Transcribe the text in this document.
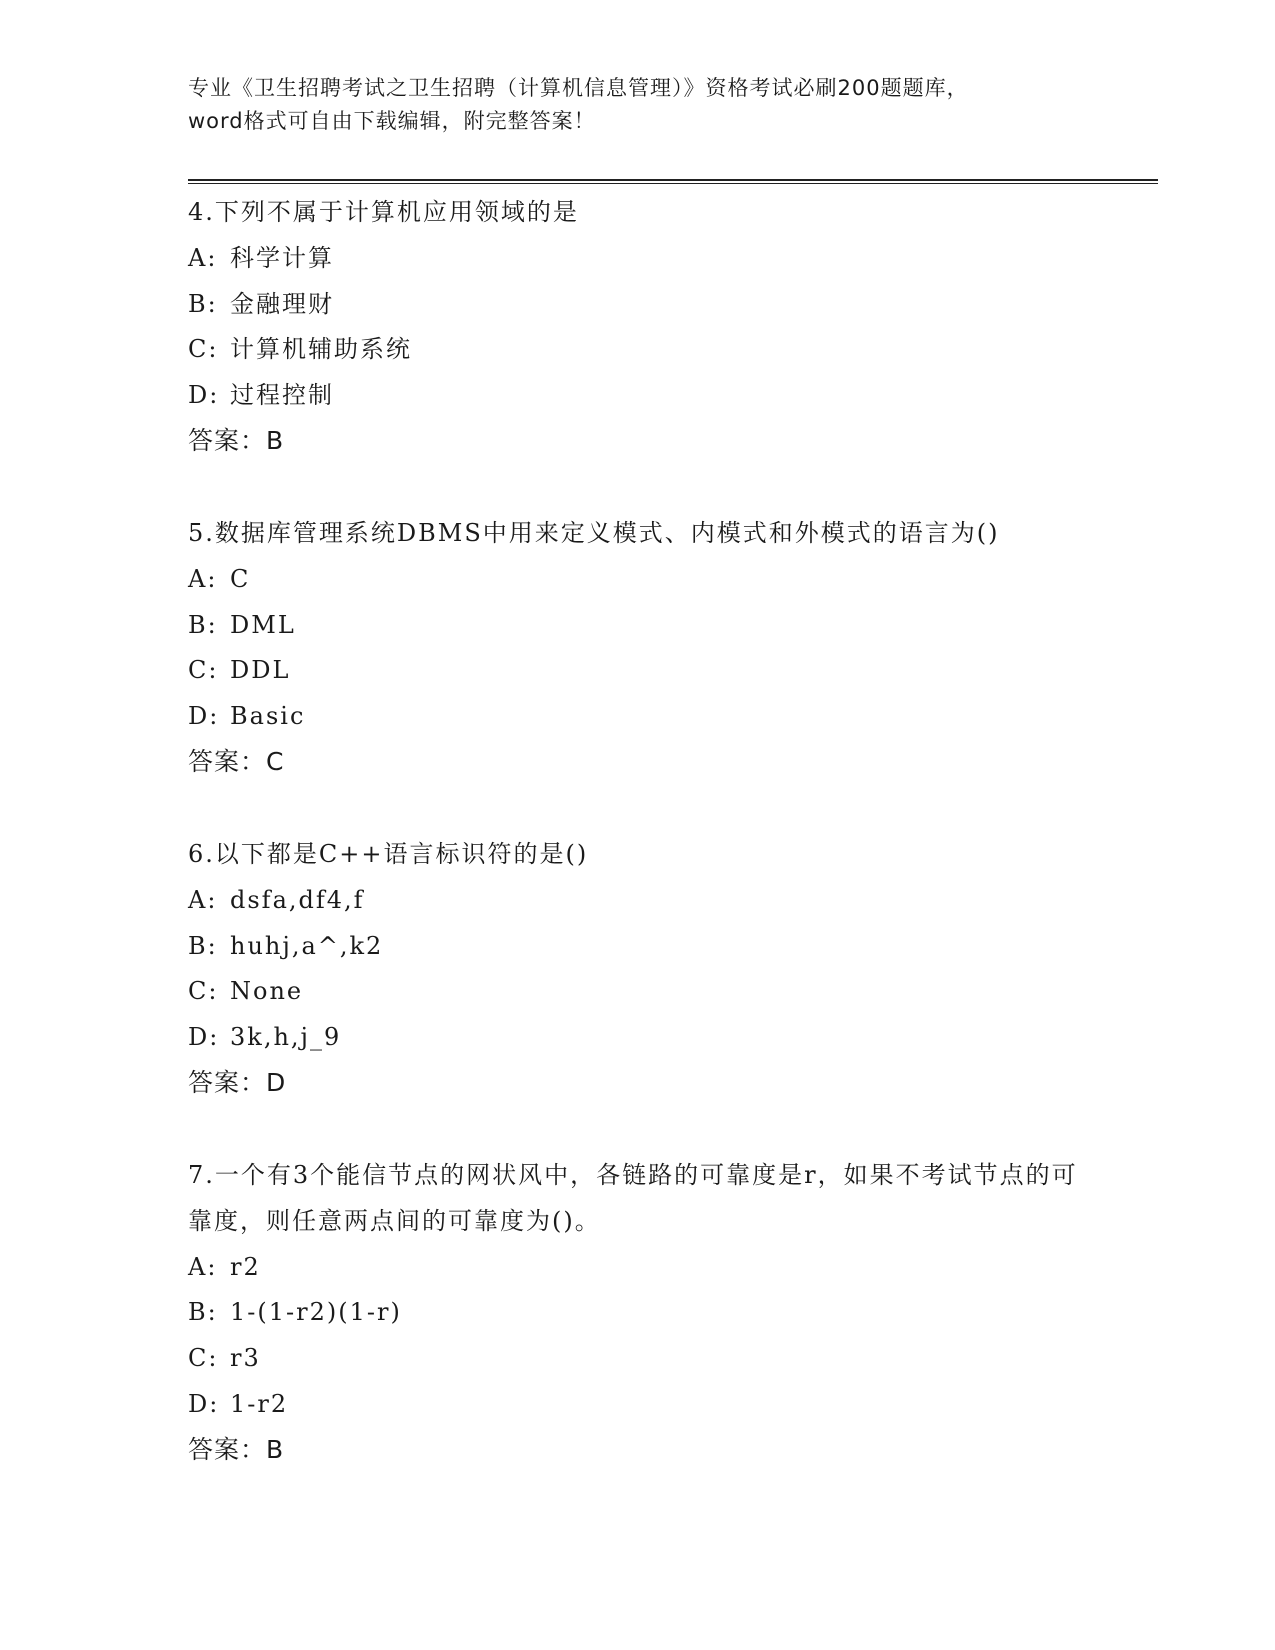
专业《卫生招聘考试之卫生招聘（计算机信息管理）》资格考试必刷200题题库，
word格式可自由下载编辑，附完整答案！
4.下列不属于计算机应用领域的是
A: 科学计算
B: 金融理财
C: 计算机辅助系统
D: 过程控制
答案：B
5.数据库管理系统DBMS中用来定义模式、内模式和外模式的语言为()
A: C
B: DML
C: DDL
D: Basic
答案：C
6.以下都是C++语言标识符的是()
A: dsfa,df4,f
B: huhj,a^,k2
C: None
D: 3k,h,j_9
答案：D
7.一个有3个能信节点的网状风中，各链路的可靠度是r，如果不考试节点的可靠度，则任意两点间的可靠度为()。
A: r2
B: 1-(1-r2)(1-r)
C: r3
D: 1-r2
答案：B
